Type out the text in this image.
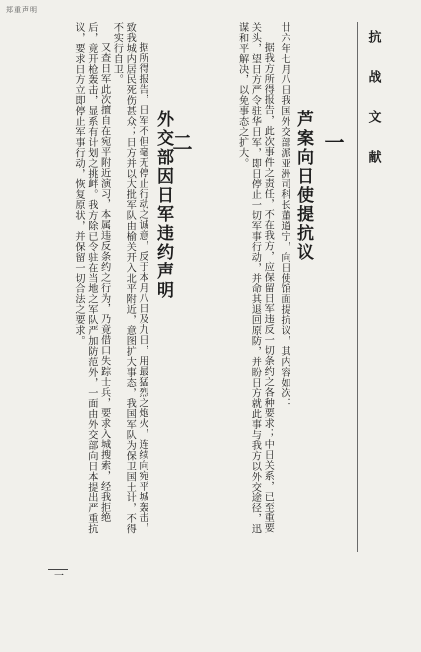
郑重声明
抗 战 文 献
一
芦案向日使提抗议

廿六年七月八日我国外交部派亚洲司科长董道宁，向日使馆面提抗议，其内容如次：

据我方所得报告，此次事件之责任，不在我方，应保留日军违反一切条约之各种要求；中日关系，已至重要关头，望日方严令驻华日军，即日停止一切军事行动，并命其退回原防，并盼日方就此事与我方以外交途径，迅谋和平解决，以免事态之扩大。

二
外交部因日军违约声明

据所得报告，日军不但毫无停止行动之诚意，反于本月八日及九日，用最猛烈之炮火，连续向宛平城轰击，致我城内居民死伤甚众；日方并以大批军队由榆关开入北平附近，意图扩大事态，我国军队为保卫国土计，不得不实行自卫。

又查日军此次擅自在宛平附近演习，本属违反条约之行为，乃竟借口失踪士兵，要求入城搜索，经我拒绝后，竟开枪轰击，显系有计划之挑衅。我方除已令驻在当地之军队严加防范外，一面由外交部向日本提出严重抗议，要求日方立即停止军事行动，恢复原状，并保留一切合法之要求。

一
